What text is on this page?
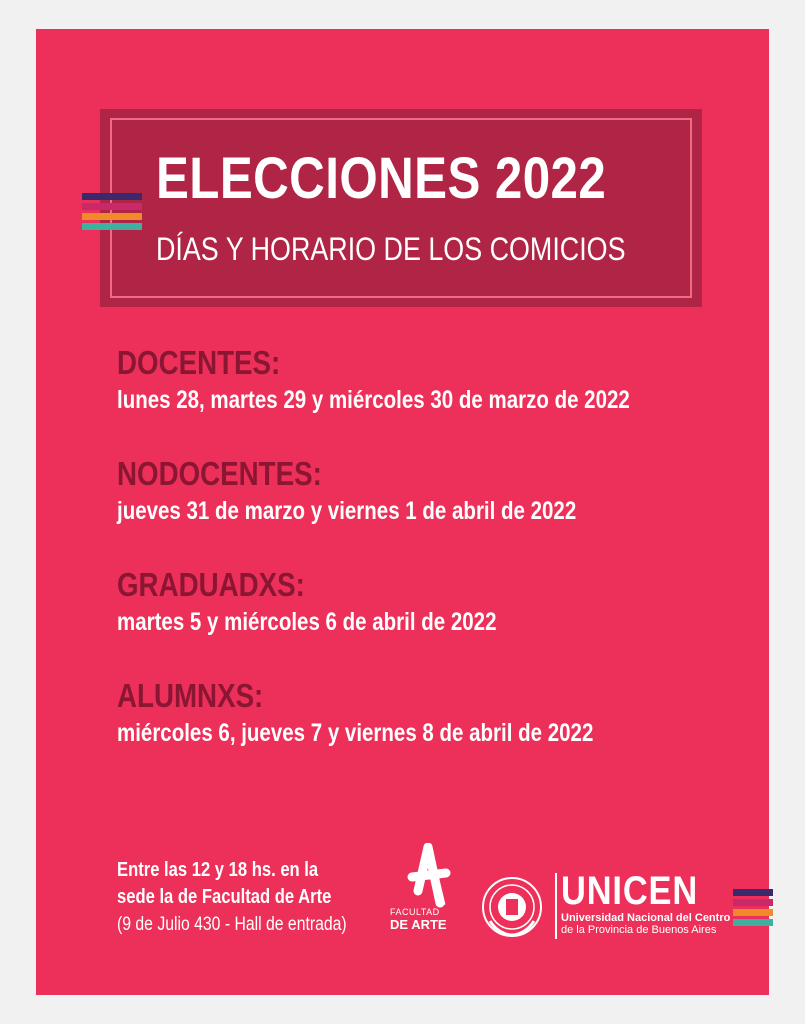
ELECCIONES 2022
DÍAS Y HORARIO DE LOS COMICIOS
DOCENTES:

lunes 28, martes 29 y miércoles 30 de marzo de 2022

NODOCENTES:

jueves 31 de marzo y viernes 1 de abril de 2022

GRADUADXS:

martes 5 y miércoles 6 de abril de 2022

ALUMNXS:

miércoles 6, jueves 7 y viernes 8 de abril de 2022

Entre las 12 y 18 hs. en la
sede la de Facultad de Arte
(9 de Julio 430 - Hall de entrada)
FACULTAD
DE ARTE
UNICEN
Universidad Nacional del Centro
de la Provincia de Buenos Aires
